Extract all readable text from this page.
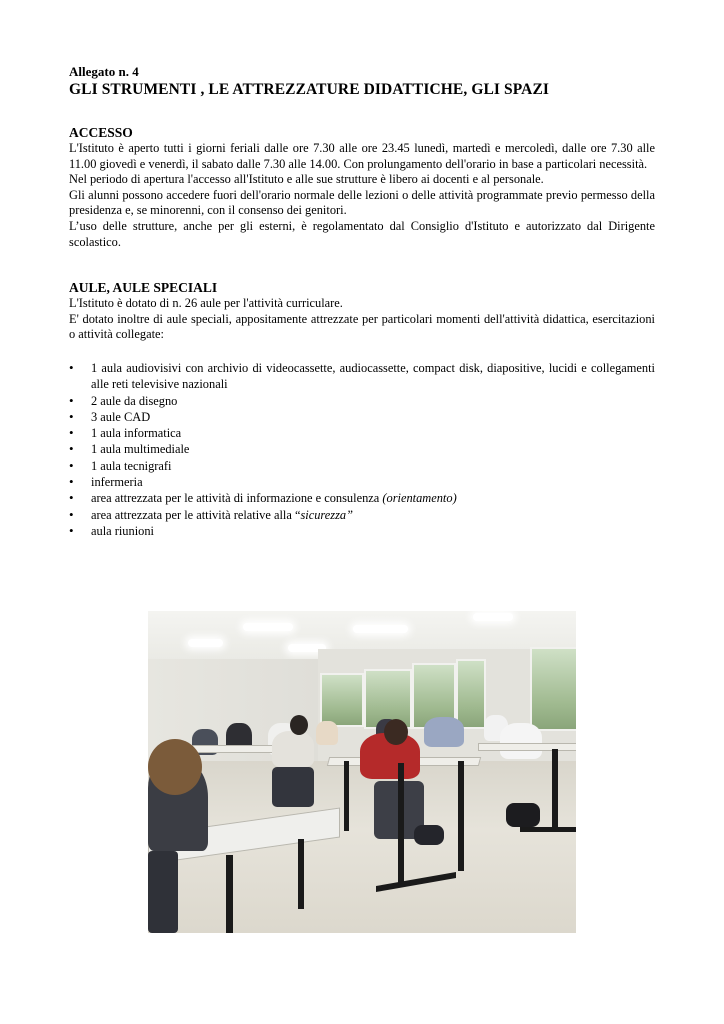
Allegato n. 4

GLI STRUMENTI , LE ATTREZZATURE DIDATTICHE, GLI SPAZI

ACCESSO

L'Istituto è aperto tutti i giorni feriali dalle ore 7.30 alle ore 23.45 lunedì, martedì e mercoledì, dalle ore 7.30 alle 11.00 giovedì e venerdì, il sabato dalle 7.30 alle 14.00. Con prolungamento dell'orario in base a particolari necessità.

Nel periodo di apertura l'accesso all'Istituto e alle sue strutture è libero ai docenti e al personale.

Gli alunni possono accedere fuori dell'orario normale delle lezioni o delle attività programmate previo permesso della presidenza e, se minorenni, con il consenso dei genitori.

L’uso delle strutture, anche per gli esterni, è regolamentato dal Consiglio d'Istituto e autorizzato dal Dirigente scolastico.

AULE, AULE SPECIALI

L'Istituto è dotato di n. 26 aule per l'attività curriculare.

E' dotato inoltre di aule speciali, appositamente attrezzate per particolari momenti dell'attività didattica, esercitazioni o attività collegate:

• 1 aula audiovisivi con archivio di videocassette, audiocassette, compact disk, diapositive, lucidi e collegamenti alle reti televisive nazionali
• 2 aule da disegno
• 3 aule CAD
• 1 aula informatica
• 1 aula multimediale
• 1 aula tecnigrafi
• infermeria
• area attrezzata per le attività di informazione e consulenza (orientamento)
• area attrezzata per le attività relative alla “sicurezza”
• aula riunioni
